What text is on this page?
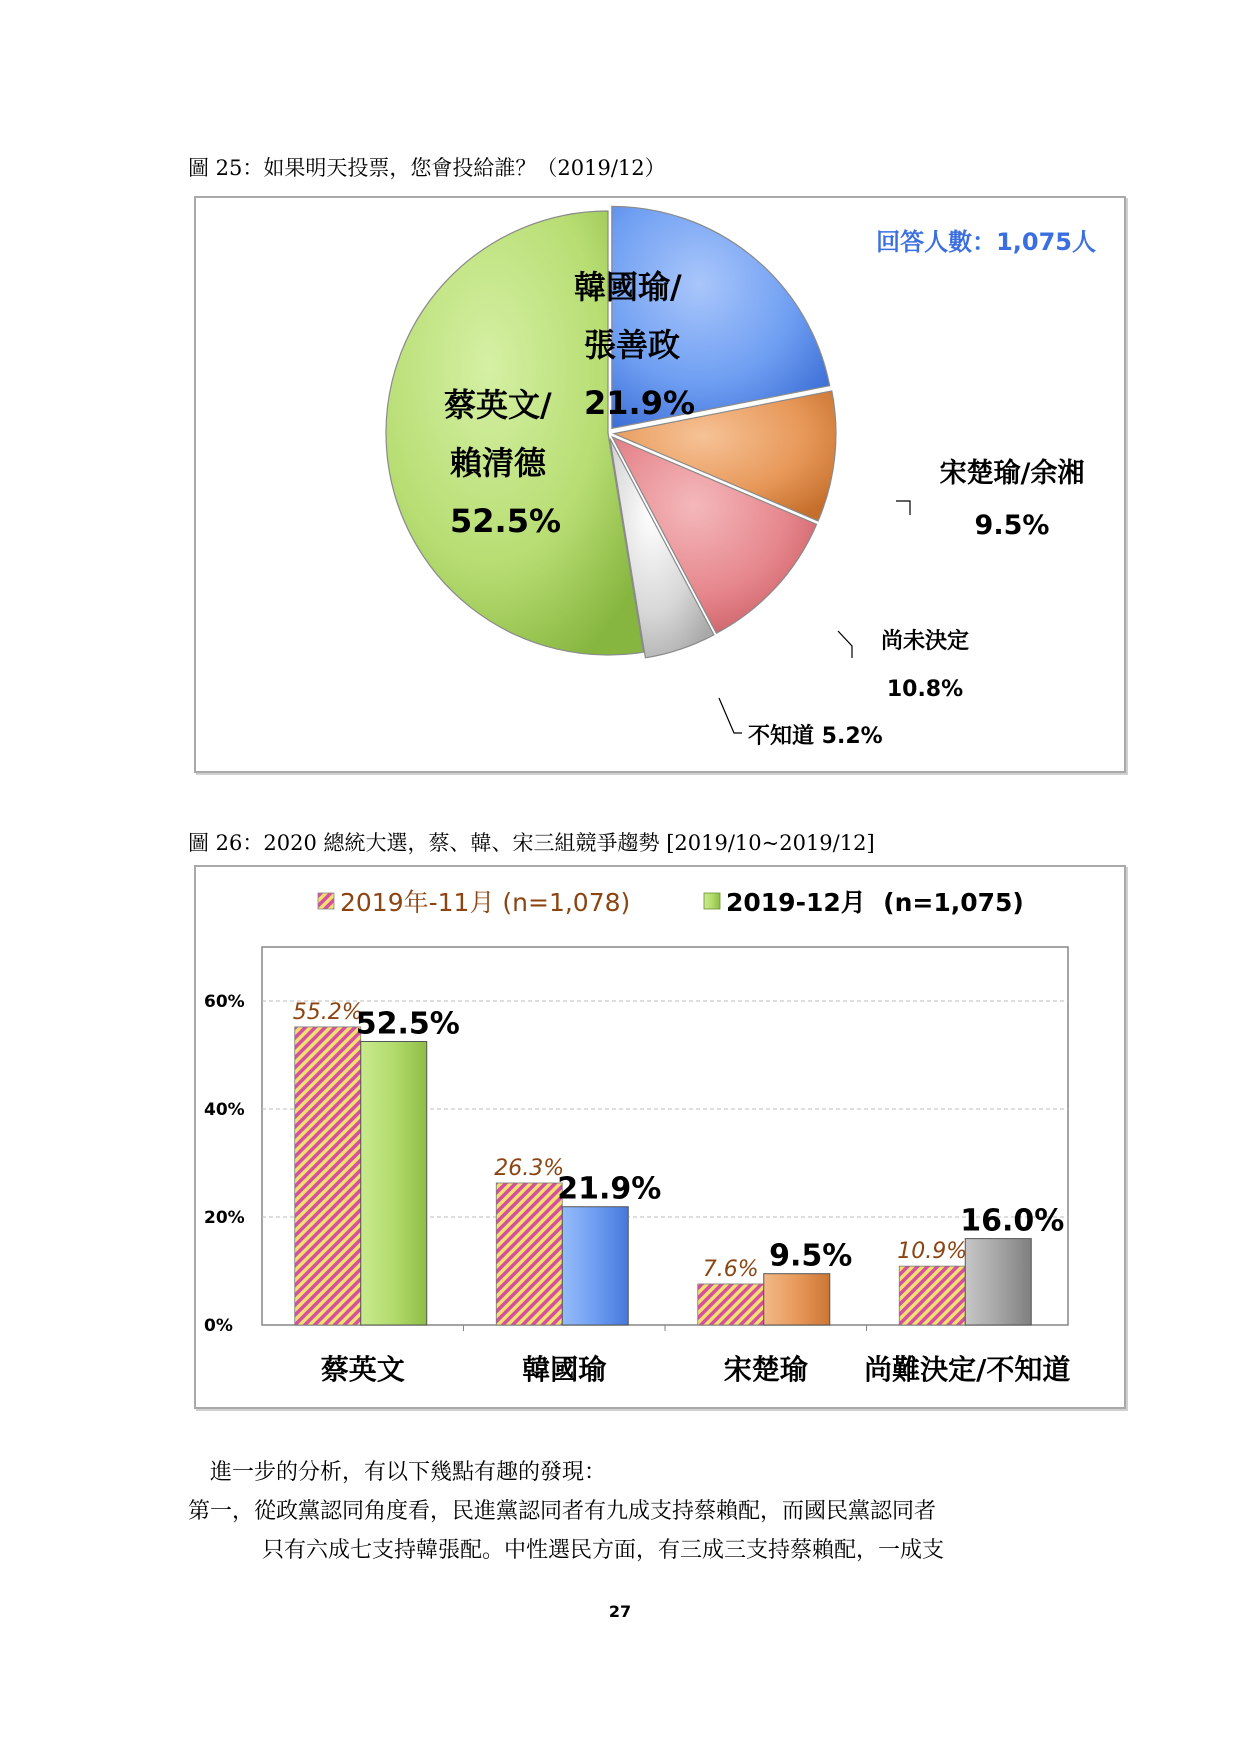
圖 25：如果明天投票，您會投給誰？（2019/12）
回答人數：1,075人
韓國瑜/
張善政
21.9%
蔡英文/
賴清德
52.5%
宋楚瑜/余湘
9.5%
尚未決定
10.8%
不知道 5.2%
圖 26：2020 總統大選，蔡、韓、宋三組競爭趨勢 [2019/10~2019/12]
55.2%
52.5%
26.3%
21.9%
7.6% 9.5% 10.9%
16.0%
0%
20%
40%
60%
蔡英文	韓國瑜	宋楚瑜 尚難決定/不知道
2019年-11月 (n=1,078)	2019-12月  (n=1,075)
進一步的分析，有以下幾點有趣的發現：
第一，從政黨認同角度看，民進黨認同者有九成支持蔡賴配，而國民黨認同者
只有六成七支持韓張配。中性選民方面，有三成三支持蔡賴配，一成支
27
